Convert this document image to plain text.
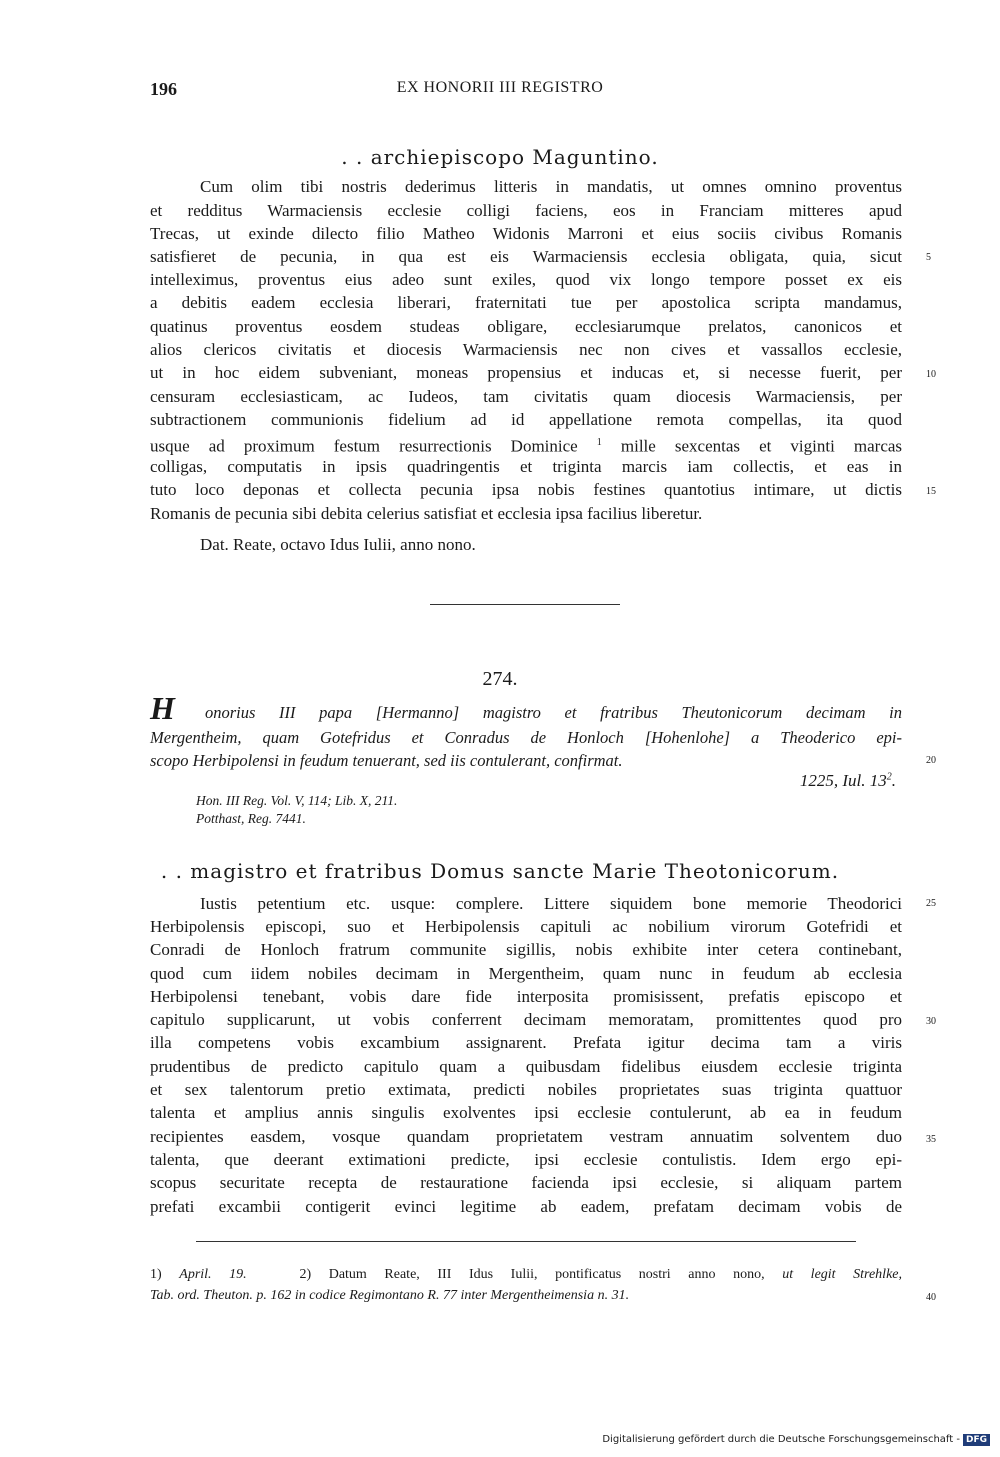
196	EX HONORII III REGISTRO
. . archiepiscopo Maguntino.
Cum olim tibi nostris dederimus litteris in mandatis, ut omnes omnino proventus
et redditus Warmaciensis ecclesie colligi faciens, eos in Franciam mitteres apud
Trecas, ut exinde dilecto filio Matheo Widonis Marroni et eius sociis civibus Romanis
satisfieret de pecunia, in qua est eis Warmaciensis ecclesia obligata, quia, sicut
intelleximus, proventus eius adeo sunt exiles, quod vix longo tempore posset ex eis
a debitis eadem ecclesia liberari, fraternitati tue per apostolica scripta mandamus,
quatinus proventus eosdem studeas obligare, ecclesiarumque prelatos, canonicos et
alios clericos civitatis et diocesis Warmaciensis nec non cives et vassallos ecclesie,
ut in hoc eidem subveniant, moneas propensius et inducas et, si necesse fuerit, per
censuram ecclesiasticam, ac Iudeos, tam civitatis quam diocesis Warmaciensis, per
subtractionem communionis fidelium ad id appellatione remota compellas, ita quod
usque ad proximum festum resurrectionis Dominice $^1$ mille sexcentas et viginti marcas
colligas, computatis in ipsis quadringentis et triginta marcis iam collectis, et eas in
tuto loco deponas et collecta pecunia ipsa nobis festines quantotius intimare, ut dictis
Romanis de pecunia sibi debita celerius satisfiat et ecclesia ipsa facilius liberetur.
Dat. Reate, octavo Idus Iulii, anno nono.
274.
H onorius III papa [Hermanno] magistro et fratribus Theutonicorum decimam in
Mergentheim, quam Gotefridus et Conradus de Honloch [Hohenlohe] a Theoderico epi-
scopo Herbipolensi in feudum tenuerant, sed iis contulerant, confirmat.
1225, Iul. $13^2$.
Hon. III Reg. Vol. V, 114; Lib. X, 211.
Potthast, Reg. 7441.
. . magistro et fratribus Domus sancte Marie Theotonicorum.
Iustis petentium etc. usque: complere. Littere siquidem bone memorie Theodorici
Herbipolensis episcopi, suo et Herbipolensis capituli ac nobilium virorum Gotefridi et
Conradi de Honloch fratrum communite sigillis, nobis exhibite inter cetera continebant,
quod cum iidem nobiles decimam in Mergentheim, quam nunc in feudum ab ecclesia
Herbipolensi tenebant, vobis dare fide interposita promisissent, prefatis episcopo et
capitulo supplicarunt, ut vobis conferrent decimam memoratam, promittentes quod pro
illa competens vobis excambium assignarent. Prefata igitur decima tam a viris
prudentibus de predicto capitulo quam a quibusdam fidelibus eiusdem ecclesie triginta
et sex talentorum pretio extimata, predicti nobiles proprietates suas triginta quattuor
talenta et amplius annis singulis exolventes ipsi ecclesie contulerunt, ab ea in feudum
recipientes easdem, vosque quandam proprietatem vestram annuatim solventem duo
talenta, que deerant extimationi predicte, ipsi ecclesie contulistis. Idem ergo epi-
scopus securitate recepta de restauratione facienda ipsi ecclesie, si aliquam partem
prefati excambii contigerit evinci legitime ab eadem, prefatam decimam vobis de
1) April. 19.   2) Datum Reate, III Idus Iulii, pontificatus nostri anno nono, ut legit Strehlke,
Tab. ord. Theuton. p. 162 in codice Regimontano R. 77 inter Mergentheimensia n. 31.
5
10
15
20
25
30
35
40
Digitalisierung gefördert durch die Deutsche Forschungsgemeinschaft - DFG
